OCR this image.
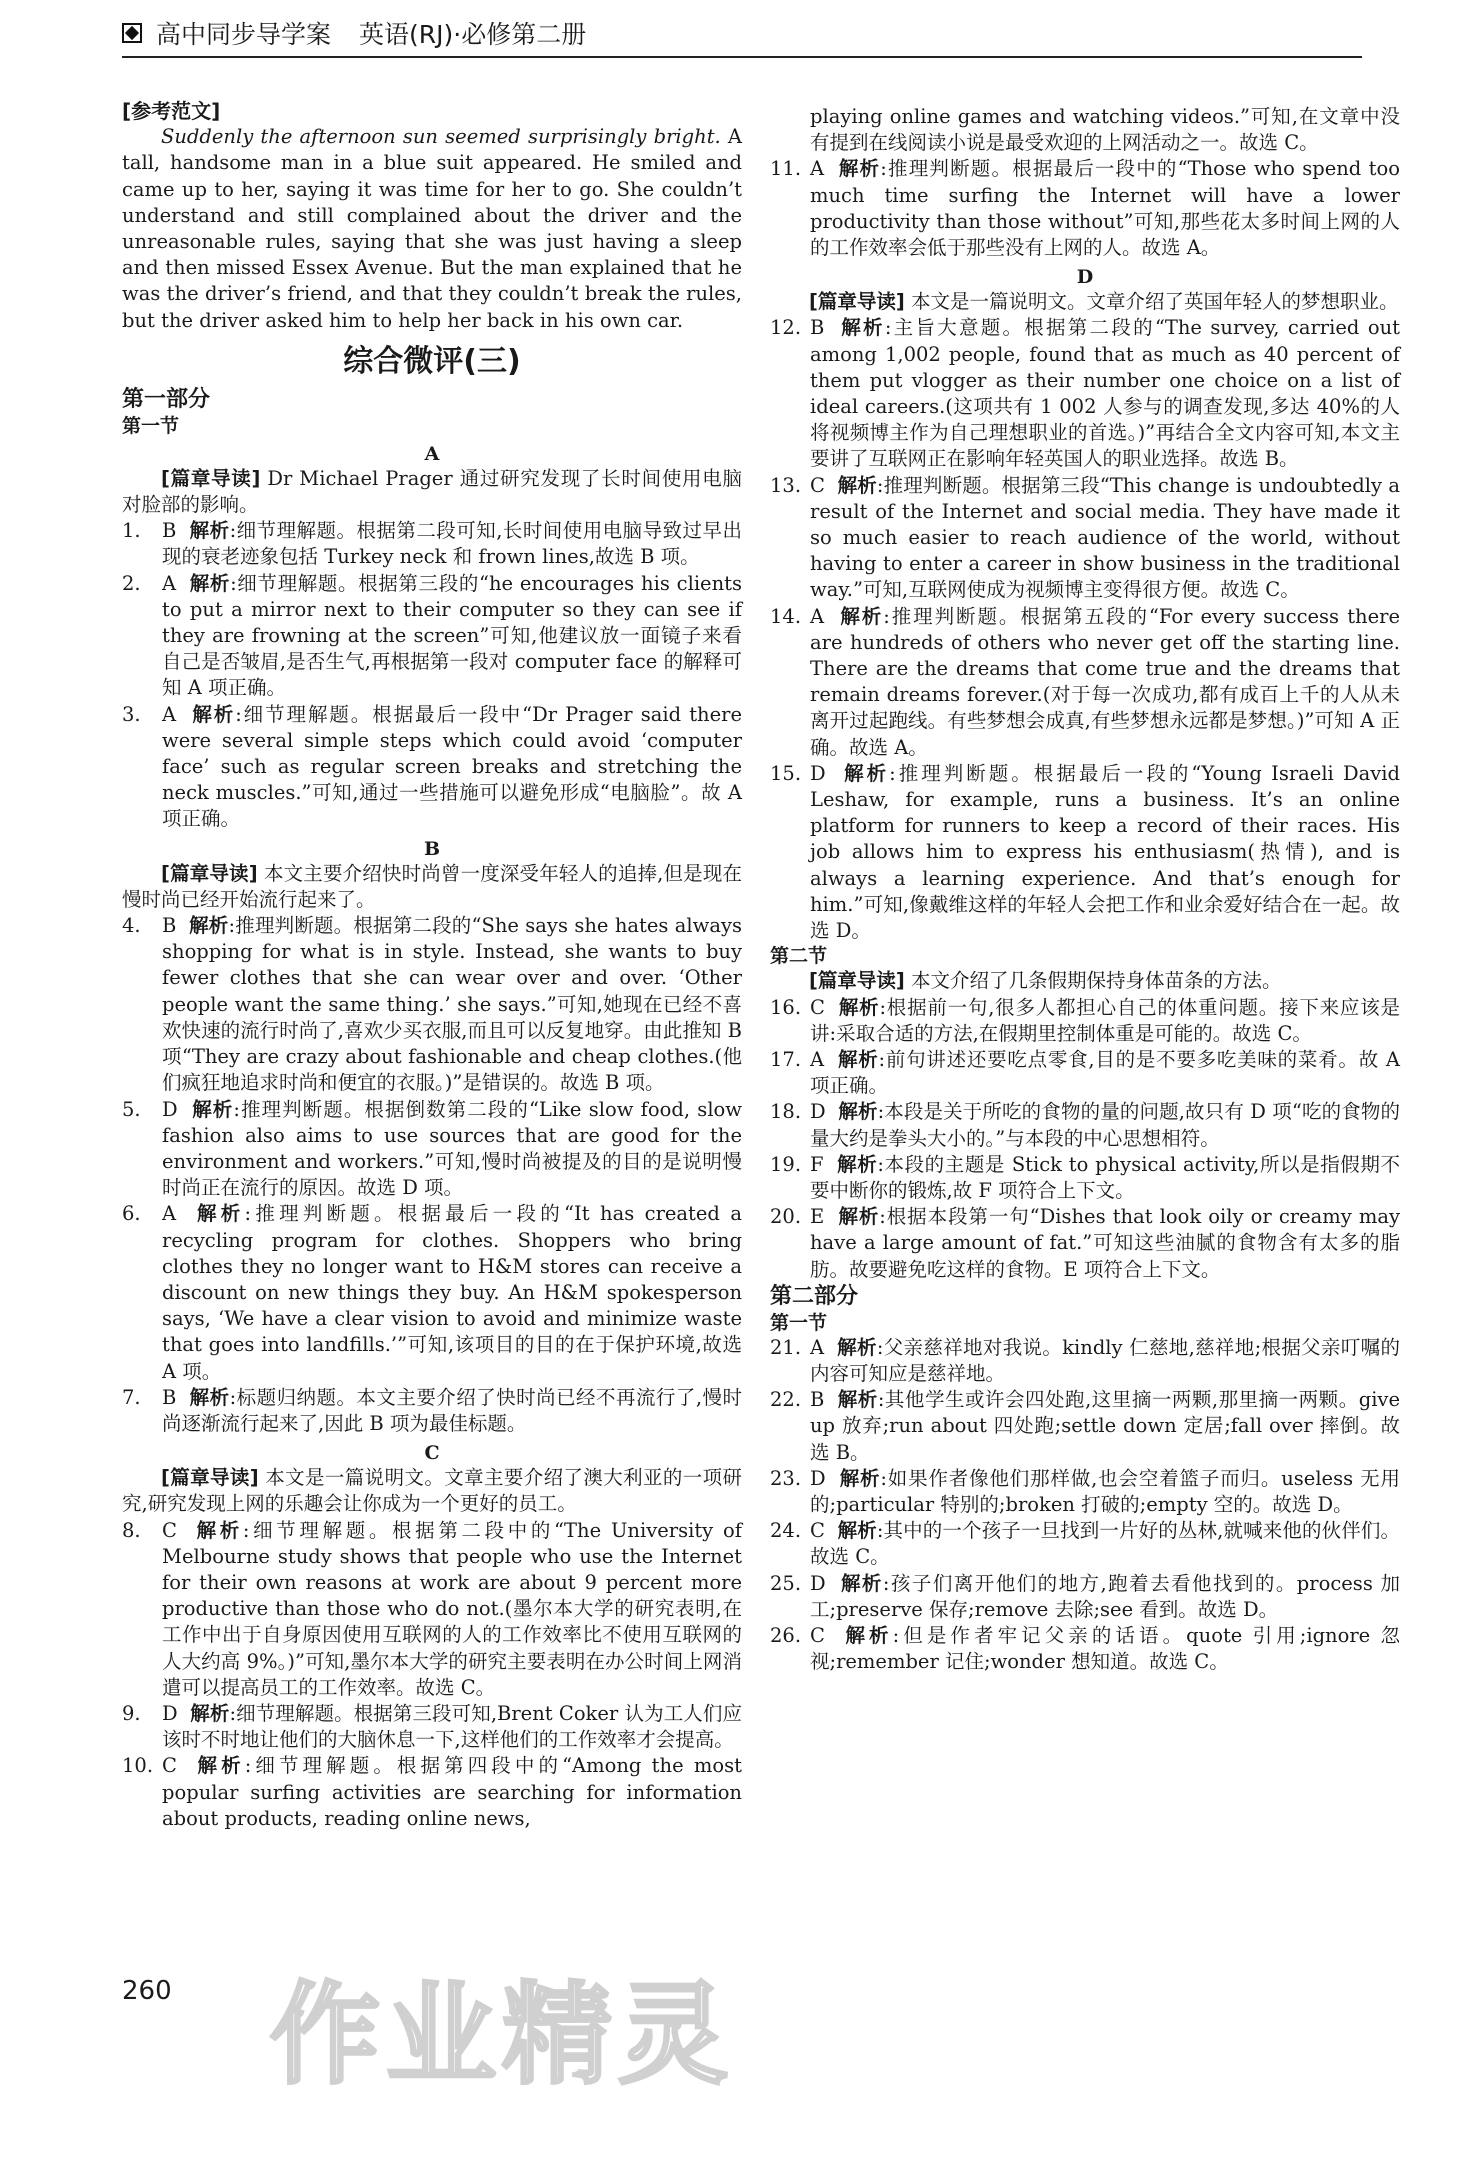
高中同步导学案 英语(RJ)·必修第二册

[参考范文]

Suddenly the afternoon sun seemed surprisingly bright. A tall, handsome man in a blue suit appeared. He smiled and came up to her, saying it was time for her to go. She couldn’t understand and still complained about the driver and the unreasonable rules, saying that she was just having a sleep and then missed Essex Avenue. But the man explained that he was the driver’s friend, and that they couldn’t break the rules, but the driver asked him to help her back in his own car.

综合微评(三)
第一部分
第一节
A

[篇章导读] Dr Michael Prager 通过研究发现了长时间使用电脑对脸部的影响。

1.	B 解析:细节理解题。根据第二段可知,长时间使用电脑导致过早出现的衰老迹象包括 Turkey neck 和 frown lines,故选 B 项。
2.	A 解析:细节理解题。根据第三段的“he encourages his clients to put a mirror next to their computer so they can see if they are frowning at the screen”可知,他建议放一面镜子来看自己是否皱眉,是否生气,再根据第一段对 computer face 的解释可知 A 项正确。
3.	A 解析:细节理解题。根据最后一段中“Dr Prager said there were several simple steps which could avoid ‘computer face’ such as regular screen breaks and stretching the neck muscles.”可知,通过一些措施可以避免形成“电脑脸”。故 A 项正确。
B

[篇章导读] 本文主要介绍快时尚曾一度深受年轻人的追捧,但是现在慢时尚已经开始流行起来了。

4.	B 解析:推理判断题。根据第二段的“She says she hates always shopping for what is in style. Instead, she wants to buy fewer clothes that she can wear over and over. ‘Other people want the same thing.’ she says.”可知,她现在已经不喜欢快速的流行时尚了,喜欢少买衣服,而且可以反复地穿。由此推知 B 项“They are crazy about fashionable and cheap clothes.(他们疯狂地追求时尚和便宜的衣服。)”是错误的。故选 B 项。
5.	D 解析:推理判断题。根据倒数第二段的“Like slow food, slow fashion also aims to use sources that are good for the environment and workers.”可知,慢时尚被提及的目的是说明慢时尚正在流行的原因。故选 D 项。
6.	A 解析:推理判断题。根据最后一段的“It has created a recycling program for clothes. Shoppers who bring clothes they no longer want to H&M stores can receive a discount on new things they buy. An H&M spokesperson says, ‘We have a clear vision to avoid and minimize waste that goes into landfills.’”可知,该项目的目的在于保护环境,故选 A 项。
7.	B 解析:标题归纳题。本文主要介绍了快时尚已经不再流行了,慢时尚逐渐流行起来了,因此 B 项为最佳标题。
C

[篇章导读] 本文是一篇说明文。文章主要介绍了澳大利亚的一项研究,研究发现上网的乐趣会让你成为一个更好的员工。

8.	C 解析:细节理解题。根据第二段中的“The University of Melbourne study shows that people who use the Internet for their own reasons at work are about 9 percent more productive than those who do not.(墨尔本大学的研究表明,在工作中出于自身原因使用互联网的人的工作效率比不使用互联网的人大约高 9%。)”可知,墨尔本大学的研究主要表明在办公时间上网消遣可以提高员工的工作效率。故选 C。
9.	D 解析:细节理解题。根据第三段可知,Brent Coker 认为工人们应该时不时地让他们的大脑休息一下,这样他们的工作效率才会提高。
10. C 解析:细节理解题。根据第四段中的“Among the most popular surfing activities are searching for information about products, reading online news,

playing online games and watching videos.”可知,在文章中没有提到在线阅读小说是最受欢迎的上网活动之一。故选 C。

11. A 解析:推理判断题。根据最后一段中的“Those who spend too much time surfing the Internet will have a lower productivity than those without”可知,那些花太多时间上网的人的工作效率会低于那些没有上网的人。故选 A。
D

[篇章导读] 本文是一篇说明文。文章介绍了英国年轻人的梦想职业。

12. B 解析:主旨大意题。根据第二段的“The survey, carried out among 1,002 people, found that as much as 40 percent of them put vlogger as their number one choice on a list of ideal careers.(这项共有 1 002 人参与的调查发现,多达 40%的人将视频博主作为自己理想职业的首选。)”再结合全文内容可知,本文主要讲了互联网正在影响年轻英国人的职业选择。故选 B。
13. C 解析:推理判断题。根据第三段“This change is undoubtedly a result of the Internet and social media. They have made it so much easier to reach audience of the world, without having to enter a career in show business in the traditional way.”可知,互联网使成为视频博主变得很方便。故选 C。
14. A 解析:推理判断题。根据第五段的“For every success there are hundreds of others who never get off the starting line. There are the dreams that come true and the dreams that remain dreams forever.(对于每一次成功,都有成百上千的人从未离开过起跑线。有些梦想会成真,有些梦想永远都是梦想。)”可知 A 正确。故选 A。
15. D 解析:推理判断题。根据最后一段的“Young Israeli David Leshaw, for example, runs a business. It’s an online platform for runners to keep a record of their races. His job allows him to express his enthusiasm(热情), and is always a learning experience. And that’s enough for him.”可知,像戴维这样的年轻人会把工作和业余爱好结合在一起。故选 D。
第二节

[篇章导读] 本文介绍了几条假期保持身体苗条的方法。

16. C 解析:根据前一句,很多人都担心自己的体重问题。接下来应该是讲:采取合适的方法,在假期里控制体重是可能的。故选 C。
17. A 解析:前句讲述还要吃点零食,目的是不要多吃美味的菜肴。故 A 项正确。
18. D 解析:本段是关于所吃的食物的量的问题,故只有 D 项“吃的食物的量大约是拳头大小的。”与本段的中心思想相符。
19. F 解析:本段的主题是 Stick to physical activity,所以是指假期不要中断你的锻炼,故 F 项符合上下文。
20. E 解析:根据本段第一句“Dishes that look oily or creamy may have a large amount of fat.”可知这些油腻的食物含有太多的脂肪。故要避免吃这样的食物。E 项符合上下文。
第二部分
第一节
21. A 解析:父亲慈祥地对我说。kindly 仁慈地,慈祥地;根据父亲叮嘱的内容可知应是慈祥地。
22. B 解析:其他学生或许会四处跑,这里摘一两颗,那里摘一两颗。give up 放弃;run about 四处跑;settle down 定居;fall over 摔倒。故选 B。
23. D 解析:如果作者像他们那样做,也会空着篮子而归。useless 无用的;particular 特别的;broken 打破的;empty 空的。故选 D。
24. C 解析:其中的一个孩子一旦找到一片好的丛林,就喊来他的伙伴们。故选 C。
25. D 解析:孩子们离开他们的地方,跑着去看他找到的。process 加工;preserve 保存;remove 去除;see 看到。故选 D。
26. C 解析:但是作者牢记父亲的话语。quote 引用;ignore 忽视;remember 记住;wonder 想知道。故选 C。
260 作业精灵
